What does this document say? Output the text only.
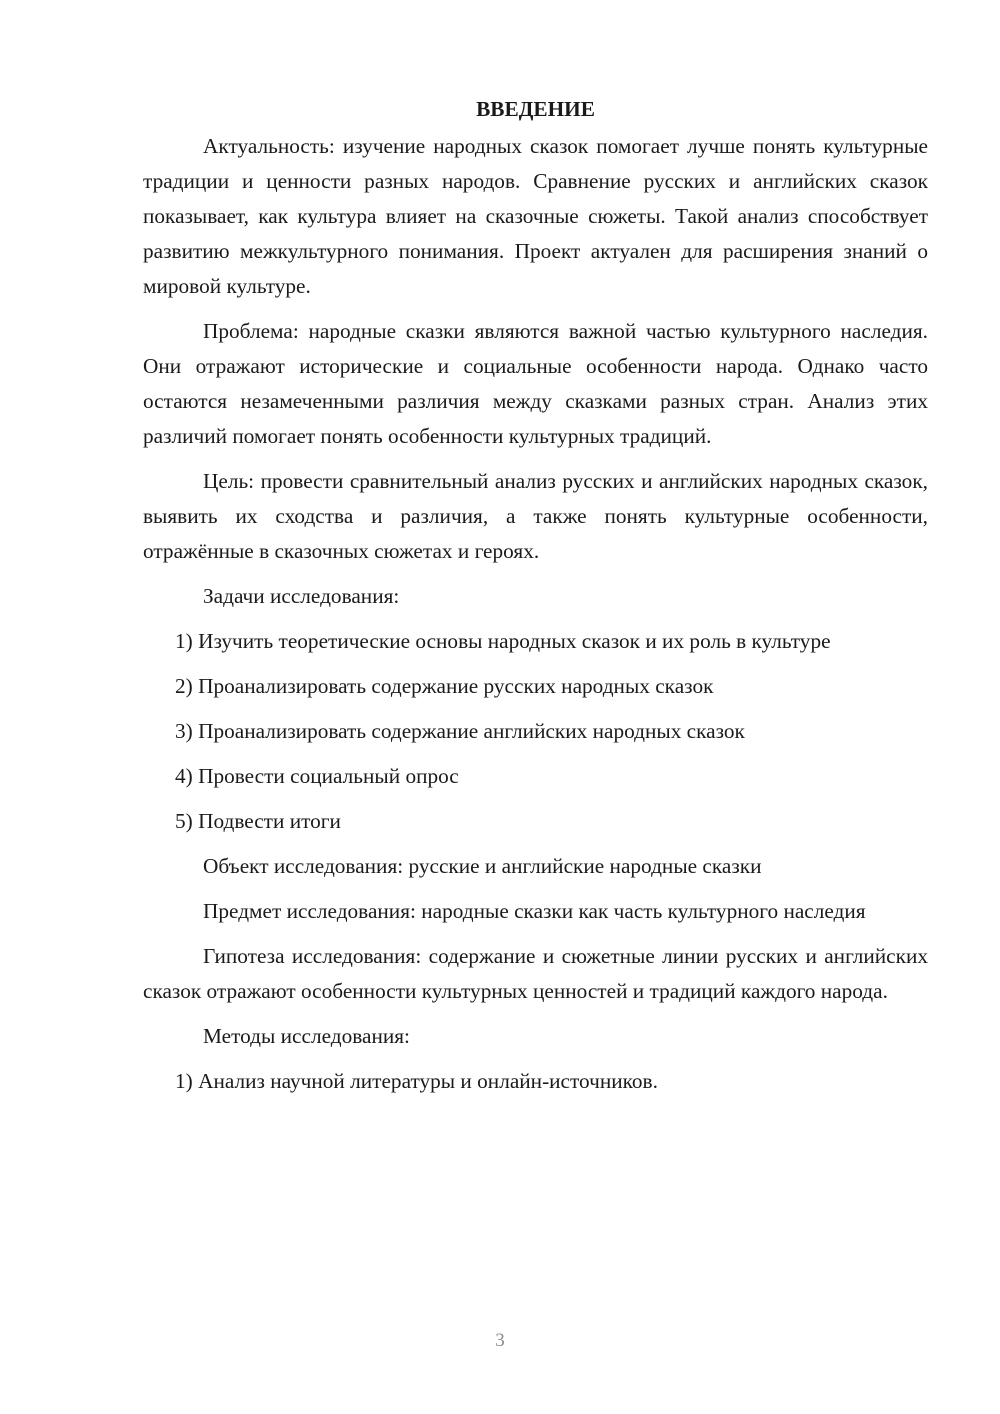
ВВЕДЕНИЕ

Актуальность: изучение народных сказок помогает лучше понять культурные традиции и ценности разных народов. Сравнение русских и английских сказок показывает, как культура влияет на сказочные сюжеты. Такой анализ способствует развитию межкультурного понимания. Проект актуален для расширения знаний о мировой культуре.

Проблема: народные сказки являются важной частью культурного наследия. Они отражают исторические и социальные особенности народа. Однако часто остаются незамеченными различия между сказками разных стран. Анализ этих различий помогает понять особенности культурных традиций.

Цель: провести сравнительный анализ русских и английских народных сказок, выявить их сходства и различия, а также понять культурные особенности, отражённые в сказочных сюжетах и героях.

Задачи исследования:

1) Изучить теоретические основы народных сказок и их роль в культуре

2) Проанализировать содержание русских народных сказок

3) Проанализировать содержание английских народных сказок

4) Провести социальный опрос

5) Подвести итоги

Объект исследования: русские и английские народные сказки

Предмет исследования: народные сказки как часть культурного наследия

Гипотеза исследования: содержание и сюжетные линии русских и английских сказок отражают особенности культурных ценностей и традиций каждого народа.

Методы исследования:

1) Анализ научной литературы и онлайн-источников.

3
